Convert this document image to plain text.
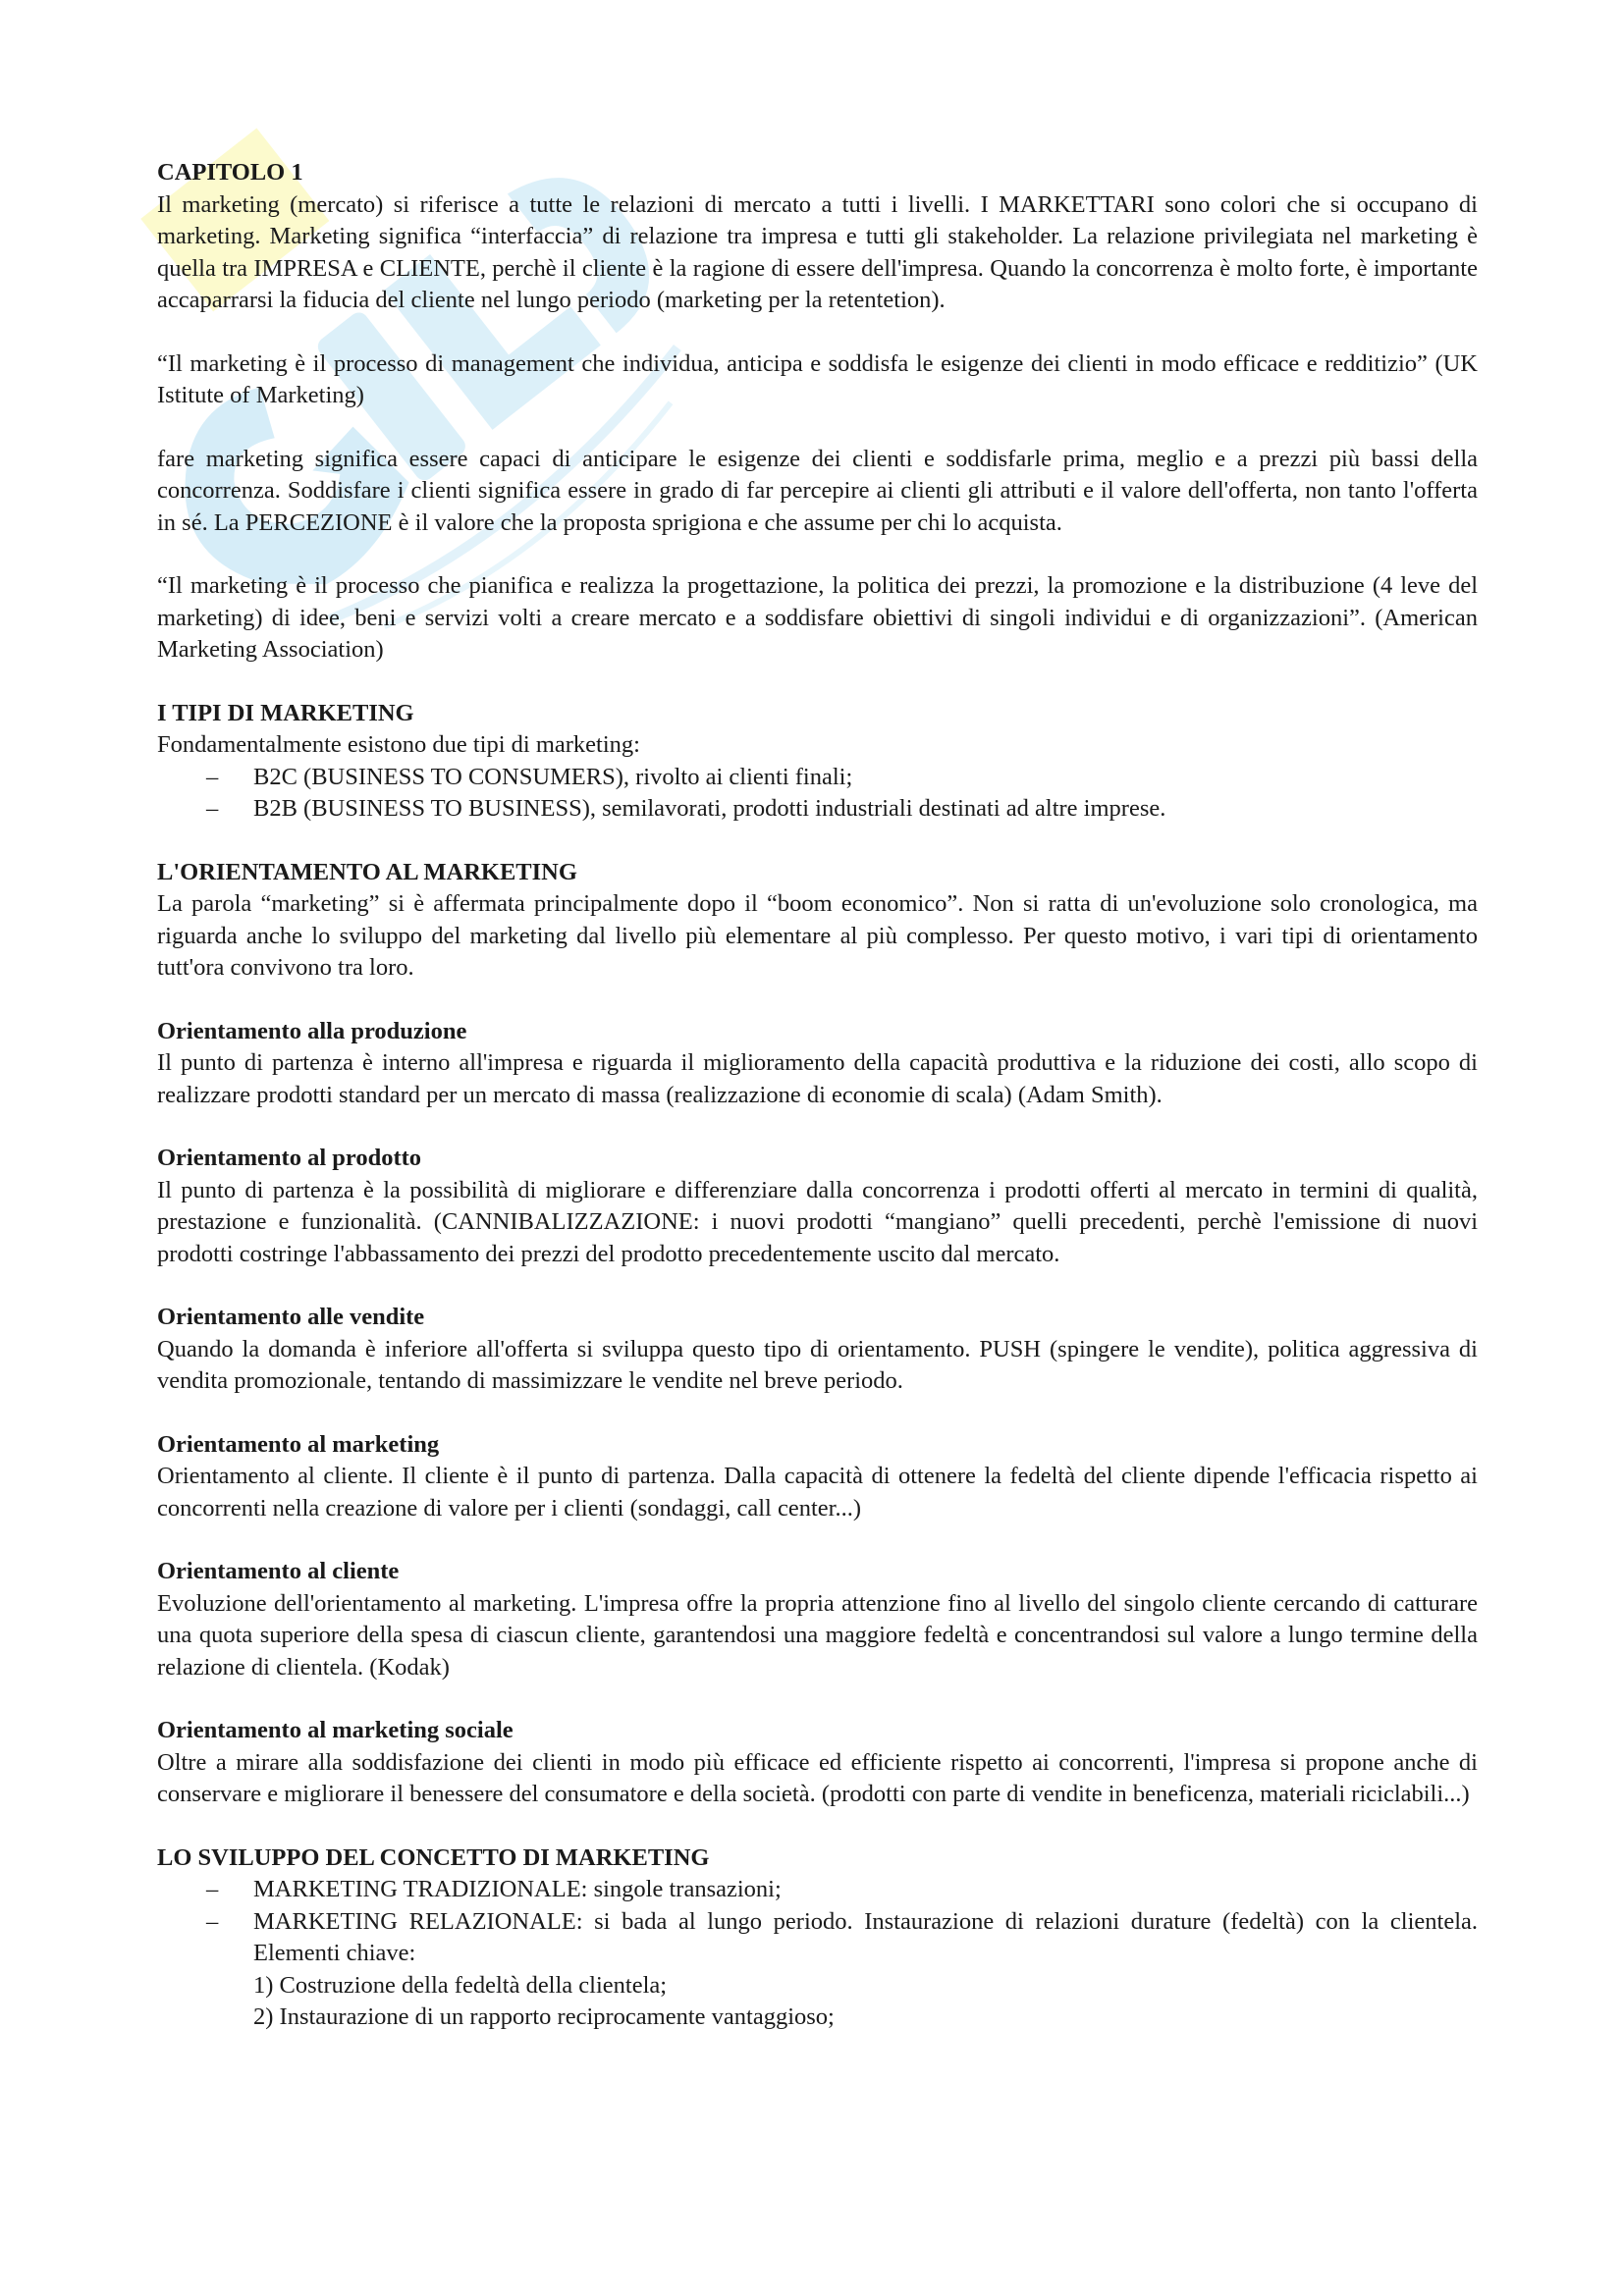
CAPITOLO 1

Il marketing (mercato) si riferisce a tutte le relazioni di mercato a tutti i livelli. I MARKETTARI sono colori che si occupano di marketing. Marketing significa “interfaccia” di relazione tra impresa e tutti gli stakeholder. La relazione privilegiata nel marketing è quella tra IMPRESA e CLIENTE, perchè il cliente è la ragione di essere dell'impresa. Quando la concorrenza è molto forte, è importante accaparrarsi la fiducia del cliente nel lungo periodo (marketing per la retentetion).

“Il marketing è il processo di management che individua, anticipa e soddisfa le esigenze dei clienti in modo efficace e redditizio” (UK Istitute of Marketing)

fare marketing significa essere capaci di anticipare le esigenze dei clienti e soddisfarle prima, meglio e a prezzi più bassi della concorrenza. Soddisfare i clienti significa essere in grado di far percepire ai clienti gli attributi e il valore dell'offerta, non tanto l'offerta in sé. La PERCEZIONE è il valore che la proposta sprigiona e che assume per chi lo acquista.

“Il marketing è il processo che pianifica e realizza la progettazione, la politica dei prezzi, la promozione e la distribuzione (4 leve del marketing) di idee, beni e servizi volti a creare mercato e a soddisfare obiettivi di singoli individui e di organizzazioni”. (American Marketing Association)

I TIPI DI MARKETING

Fondamentalmente esistono due tipi di marketing:

– B2C (BUSINESS TO CONSUMERS), rivolto ai clienti finali;
– B2B (BUSINESS TO BUSINESS), semilavorati, prodotti industriali destinati ad altre imprese.

L'ORIENTAMENTO AL MARKETING

La parola “marketing” si è affermata principalmente dopo il “boom economico”. Non si ratta di un'evoluzione solo cronologica, ma riguarda anche lo sviluppo del marketing dal livello più elementare al più complesso. Per questo motivo, i vari tipi di orientamento tutt'ora convivono tra loro.

Orientamento alla produzione

Il punto di partenza è interno all'impresa e riguarda il miglioramento della capacità produttiva e la riduzione dei costi, allo scopo di realizzare prodotti standard per un mercato di massa (realizzazione di economie di scala) (Adam Smith).

Orientamento al prodotto

Il punto di partenza è la possibilità di migliorare e differenziare dalla concorrenza i prodotti offerti al mercato in termini di qualità, prestazione e funzionalità. (CANNIBALIZZAZIONE: i nuovi prodotti “mangiano” quelli precedenti, perchè l'emissione di nuovi prodotti costringe l'abbassamento dei prezzi del prodotto precedentemente uscito dal mercato.

Orientamento alle vendite

Quando la domanda è inferiore all'offerta si sviluppa questo tipo di orientamento. PUSH (spingere le vendite), politica aggressiva di vendita promozionale, tentando di massimizzare le vendite nel breve periodo.

Orientamento al marketing

Orientamento al cliente. Il cliente è il punto di partenza. Dalla capacità di ottenere la fedeltà del cliente dipende l'efficacia rispetto ai concorrenti nella creazione di valore per i clienti (sondaggi, call center...)

Orientamento al cliente

Evoluzione dell'orientamento al marketing. L'impresa offre la propria attenzione fino al livello del singolo cliente cercando di catturare una quota superiore della spesa di ciascun cliente, garantendosi una maggiore fedeltà e concentrandosi sul valore a lungo termine della relazione di clientela. (Kodak)

Orientamento al marketing sociale

Oltre a mirare alla soddisfazione dei clienti in modo più efficace ed efficiente rispetto ai concorrenti, l'impresa si propone anche di conservare e migliorare il benessere del consumatore e della società. (prodotti con parte di vendite in beneficenza, materiali riciclabili...)

LO SVILUPPO DEL CONCETTO DI MARKETING

– MARKETING TRADIZIONALE: singole transazioni;
– MARKETING RELAZIONALE: si bada al lungo periodo. Instaurazione di relazioni durature (fedeltà) con la clientela. Elementi chiave:
1) Costruzione della fedeltà della clientela;
2) Instaurazione di un rapporto reciprocamente vantaggioso;
